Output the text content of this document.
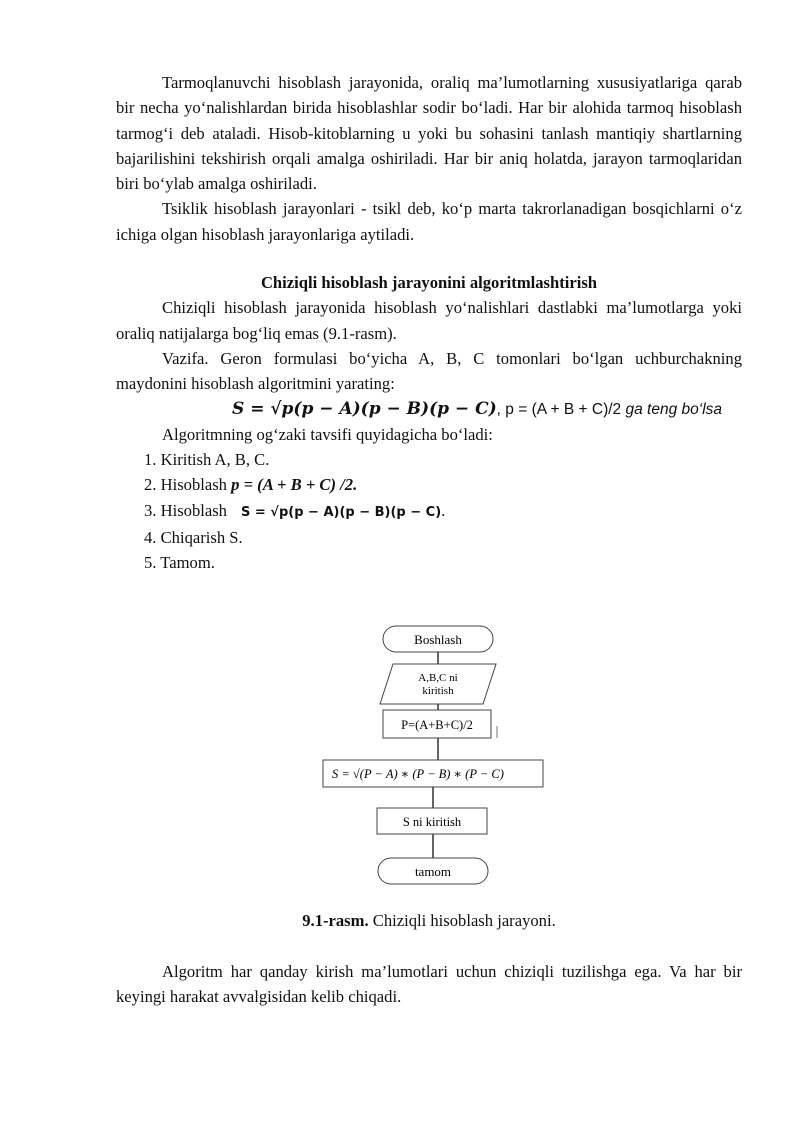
Tarmoqlanuvchi hisoblash jarayonida, oraliq ma’lumotlarning xususiyatlariga qarab bir necha yo‘nalishlardan birida hisoblashlar sodir bo‘ladi. Har bir alohida tarmoq hisoblash tarmog‘i deb ataladi. Hisob-kitoblarning u yoki bu sohasini tanlash mantiqiy shartlarning bajarilishini tekshirish orqali amalga oshiriladi. Har bir aniq holatda, jarayon tarmoqlaridan biri bo‘ylab amalga oshiriladi.

Tsiklik hisoblash jarayonlari - tsikl deb, ko‘p marta takrorlanadigan bosqichlarni o‘z ichiga olgan hisoblash jarayonlariga aytiladi.

Chiziqli hisoblash jarayonini algoritmlashtirish

Chiziqli hisoblash jarayonida hisoblash yo‘nalishlari dastlabki ma’lumotlarga yoki oraliq natijalarga bog‘liq emas (9.1-rasm).

Vazifa. Geron formulasi bo‘yicha A, B, C tomonlari bo‘lgan uchburchakning maydonini hisoblash algoritmini yarating:

S = √p(p − A)(p − B)(p − C), p = (A + B + C)/2 ga teng bo‘lsa

Algoritmning og‘zaki tavsifi quyidagicha bo‘ladi:

1. Kiritish A, B, C.

2. Hisoblash p = (A + B + C) /2.

3. Hisoblash S = √p(p − A)(p − B)(p − C).

4. Chiqarish S.

5. Tamom.

Boshlash
A,B,C ni
kiritish
P=(A+B+C)/2
S = √(P − A) ∗ (P − B) ∗ (P − C)
S ni kiritish
tamom

9.1-rasm. Chiziqli hisoblash jarayoni.

Algoritm har qanday kirish ma’lumotlari uchun chiziqli tuzilishga ega. Va har bir keyingi harakat avvalgisidan kelib chiqadi.
